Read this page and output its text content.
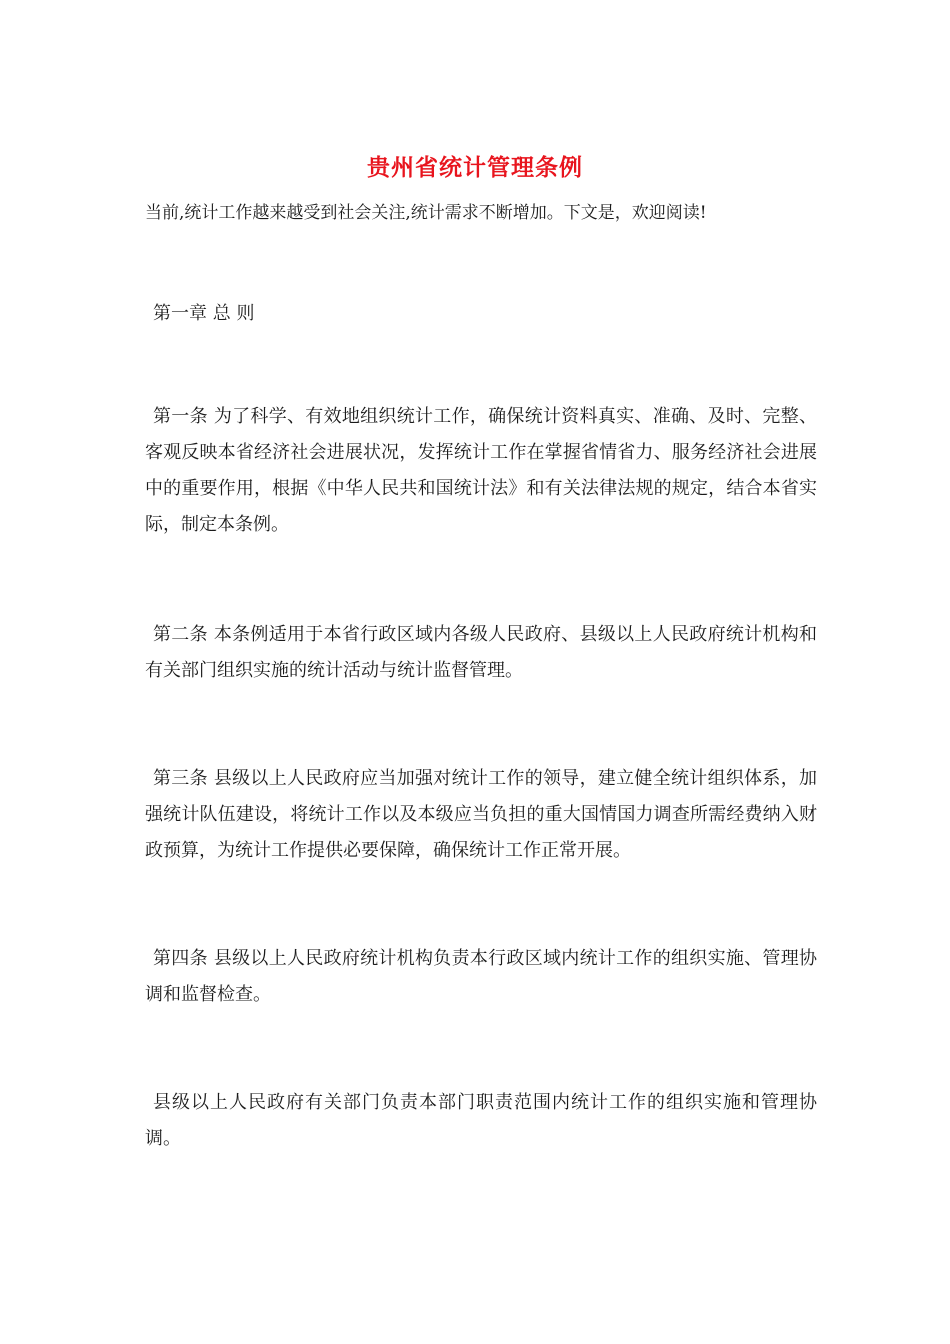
贵州省统计管理条例
当前,统计工作越来越受到社会关注,统计需求不断增加。下文是，欢迎阅读!
第一章 总 则
第一条 为了科学、有效地组织统计工作，确保统计资料真实、准确、及时、完整、客观反映本省经济社会进展状况，发挥统计工作在掌握省情省力、服务经济社会进展中的重要作用，根据《中华人民共和国统计法》和有关法律法规的规定，结合本省实际，制定本条例。
第二条 本条例适用于本省行政区域内各级人民政府、县级以上人民政府统计机构和有关部门组织实施的统计活动与统计监督管理。
第三条 县级以上人民政府应当加强对统计工作的领导，建立健全统计组织体系，加强统计队伍建设，将统计工作以及本级应当负担的重大国情国力调查所需经费纳入财政预算，为统计工作提供必要保障，确保统计工作正常开展。
第四条 县级以上人民政府统计机构负责本行政区域内统计工作的组织实施、管理协调和监督检查。
县级以上人民政府有关部门负责本部门职责范围内统计工作的组织实施和管理协调。
